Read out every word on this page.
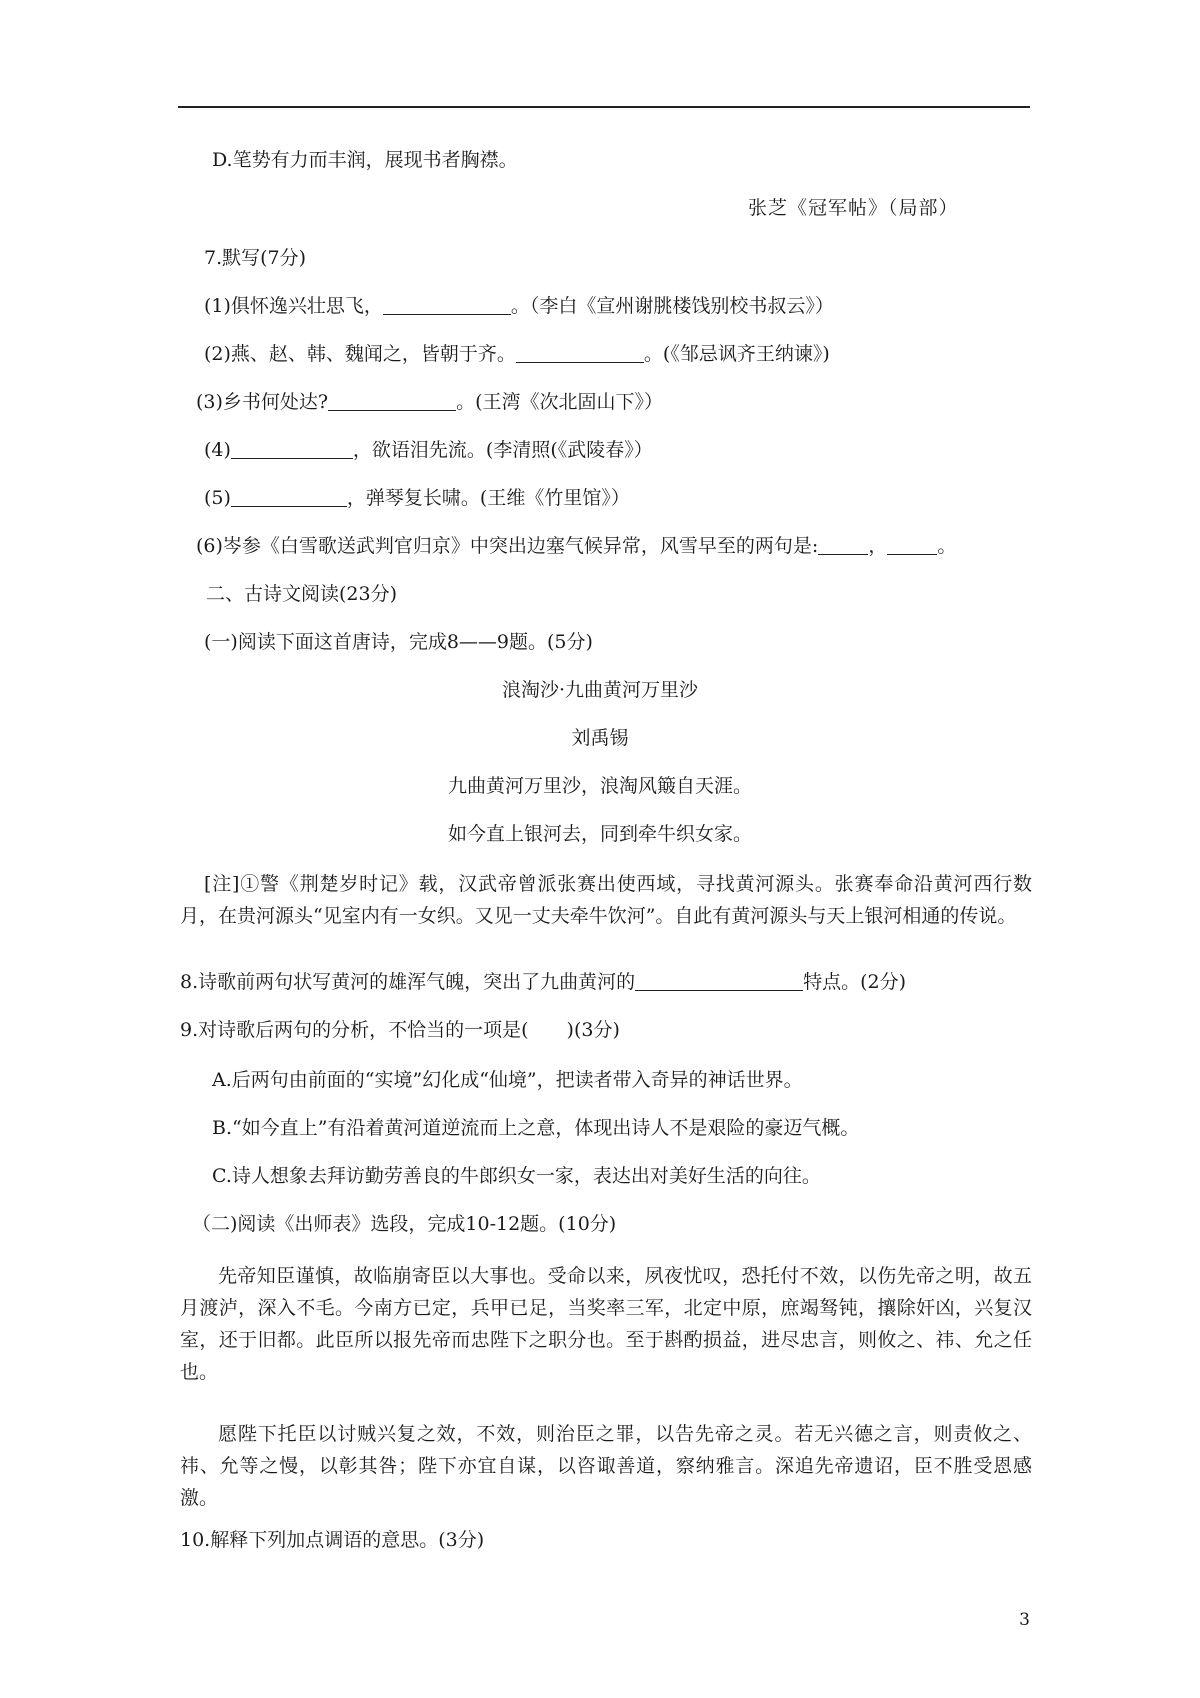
D.笔势有力而丰润，展现书者胸襟。
张芝《冠军帖》（局部）
7.默写(7分)
(1)俱怀逸兴壮思飞，	。（李白《宣州谢朓楼饯别校书叔云》）
(2)燕、赵、韩、魏闻之，皆朝于齐。	。(《邹忌讽齐王纳谏》)
(3)乡书何处达?	。(王湾《次北固山下》）
(4)	，欲语泪先流。(李清照(《武陵春》）
(5)	，弹琴复长啸。(王维《竹里馆》）
(6)岑参《白雪歌送武判官归京》中突出边塞气候异常，风雪早至的两句是:	，	。
二、古诗文阅读(23分)
(一)阅读下面这首唐诗，完成8——9题。(5分)
浪淘沙·九曲黄河万里沙
刘禹锡
九曲黄河万里沙，浪淘风簸自天涯。
如今直上银河去，同到牵牛织女家。
[注]①警《荆楚岁时记》载，汉武帝曾派张赛出使西域，寻找黄河源头。张赛奉命沿黄河西行数月，在贵河源头“见室内有一女织。又见一丈夫牵牛饮河”。自此有黄河源头与天上银河相通的传说。
8.诗歌前两句状写黄河的雄浑气魄，突出了九曲黄河的	特点。(2分)
9.对诗歌后两句的分析，不恰当的一项是(　　)(3分)
A.后两句由前面的“实境”幻化成“仙境”，把读者带入奇异的神话世界。
B.“如今直上”有沿着黄河道逆流而上之意，体现出诗人不是艰险的豪迈气概。
C.诗人想象去拜访勤劳善良的牛郎织女一家，表达出对美好生活的向往。
（二)阅读《出师表》选段，完成10-12题。(10分)
先帝知臣谨慎，故临崩寄臣以大事也。受命以来，夙夜忧叹，恐托付不效，以伤先帝之明，故五月渡泸，深入不毛。今南方已定，兵甲已足，当奖率三军，北定中原，庶竭驽钝，攘除奸凶，兴复汉室，还于旧都。此臣所以报先帝而忠陛下之职分也。至于斟酌损益，进尽忠言，则攸之、祎、允之任也。
愿陛下托臣以讨贼兴复之效，不效，则治臣之罪，以告先帝之灵。若无兴德之言，则责攸之、祎、允等之慢，以彰其咎；陛下亦宜自谋，以咨诹善道，察纳雅言。深追先帝遗诏，臣不胜受恩感激。
10.解释下列加点调语的意思。(3分)
3
